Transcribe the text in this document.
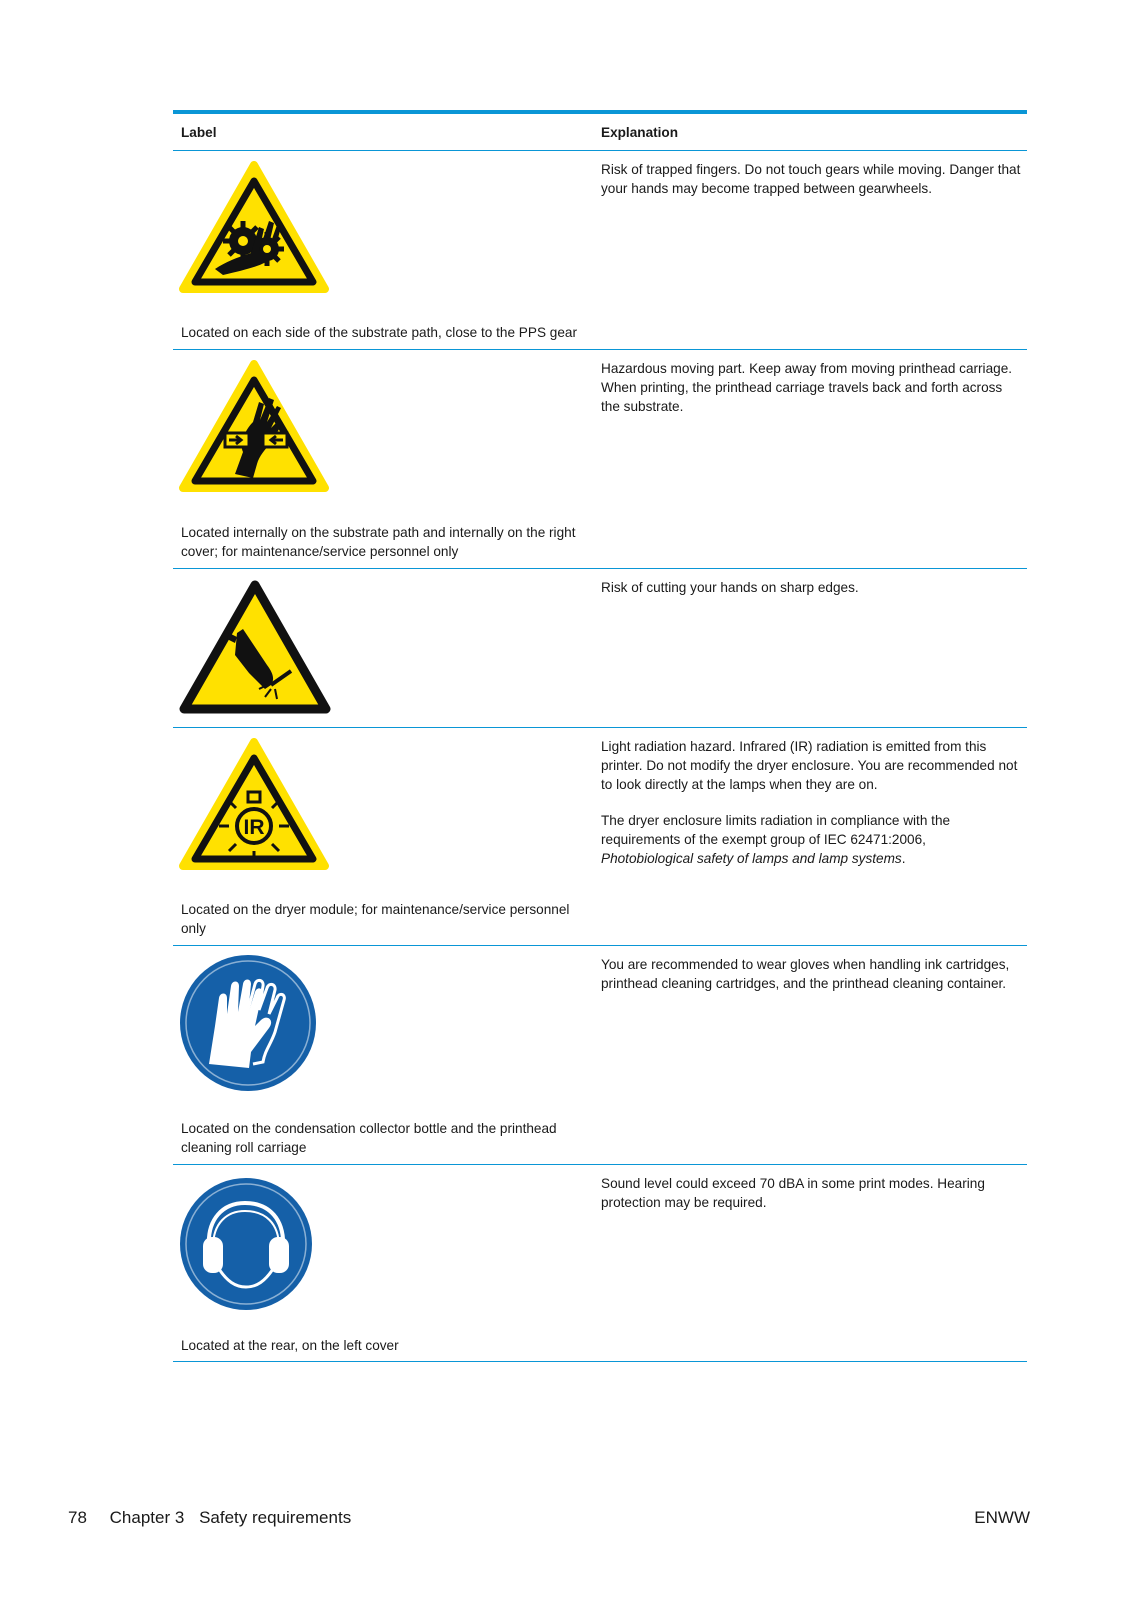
Label	Explanation
Located on each side of the substrate path, close to the PPS gear

Risk of trapped fingers. Do not touch gears while moving. Danger that your hands may become trapped between gearwheels.

Located internally on the substrate path and internally on the right cover; for maintenance/service personnel only

Hazardous moving part. Keep away from moving printhead carriage. When printing, the printhead carriage travels back and forth across the substrate.

Risk of cutting your hands on sharp edges.

IR
Located on the dryer module; for maintenance/service personnel only

Light radiation hazard. Infrared (IR) radiation is emitted from this printer. Do not modify the dryer enclosure. You are recommended not to look directly at the lamps when they are on.

The dryer enclosure limits radiation in compliance with the requirements of the exempt group of IEC 62471:2006,
Photobiological safety of lamps and lamp systems.

Located on the condensation collector bottle and the printhead cleaning roll carriage

You are recommended to wear gloves when handling ink cartridges, printhead cleaning cartridges, and the printhead cleaning container.

Located at the rear, on the left cover

Sound level could exceed 70 dBA in some print modes. Hearing protection may be required.

78 Chapter 3 Safety requirements	ENWW
